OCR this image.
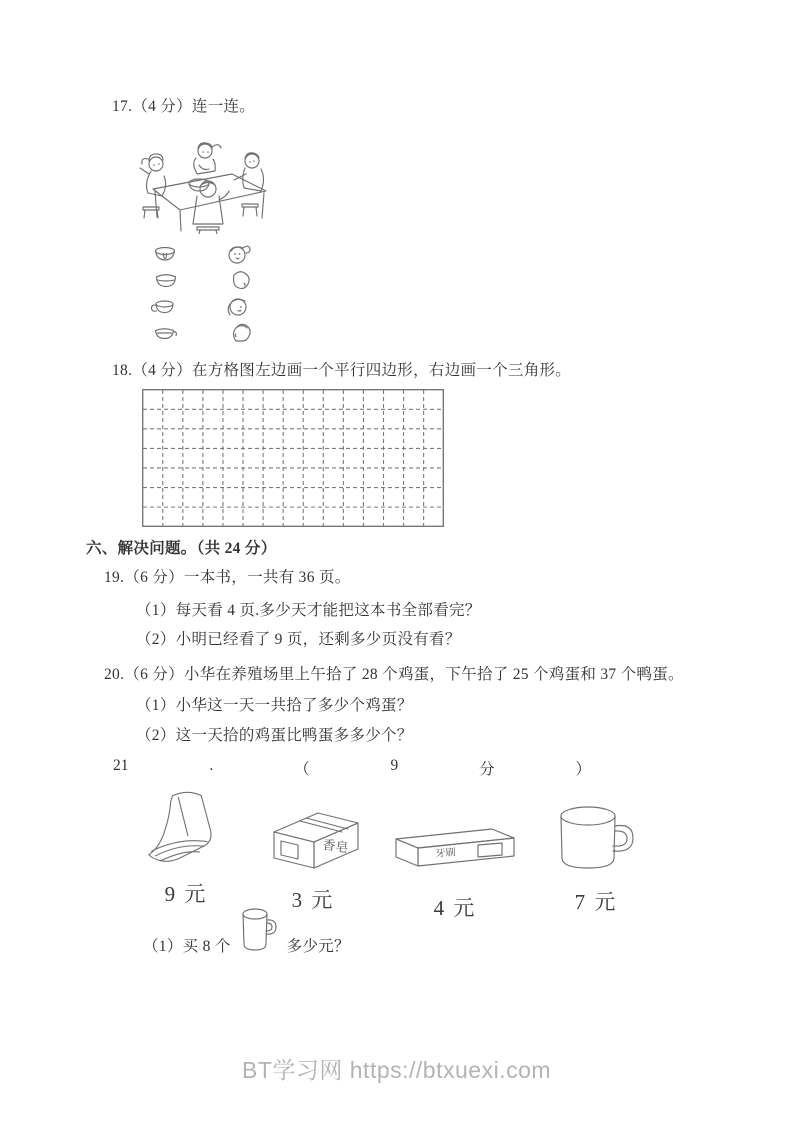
17.（4 分）连一连。
18.（4 分）在方格图左边画一个平行四边形，右边画一个三角形。
六、解决问题。（共 24 分）
19.（6 分）一本书，一共有 36 页。
（1）每天看 4 页.多少天才能把这本书全部看完？
（2）小明已经看了 9 页，还剩多少页没有看？
20.（6 分）小华在养殖场里上午拾了 28 个鸡蛋，下午拾了 25 个鸡蛋和 37 个鸭蛋。
（1）小华这一天一共拾了多少个鸡蛋？
（2）这一天拾的鸡蛋比鸭蛋多多少个？
21	.	（	9	分	）
9 元
香皂
3 元
牙刷
4 元	7 元
（1）买 8 个	多少元？
BT学习网 https://btxuexi.com
